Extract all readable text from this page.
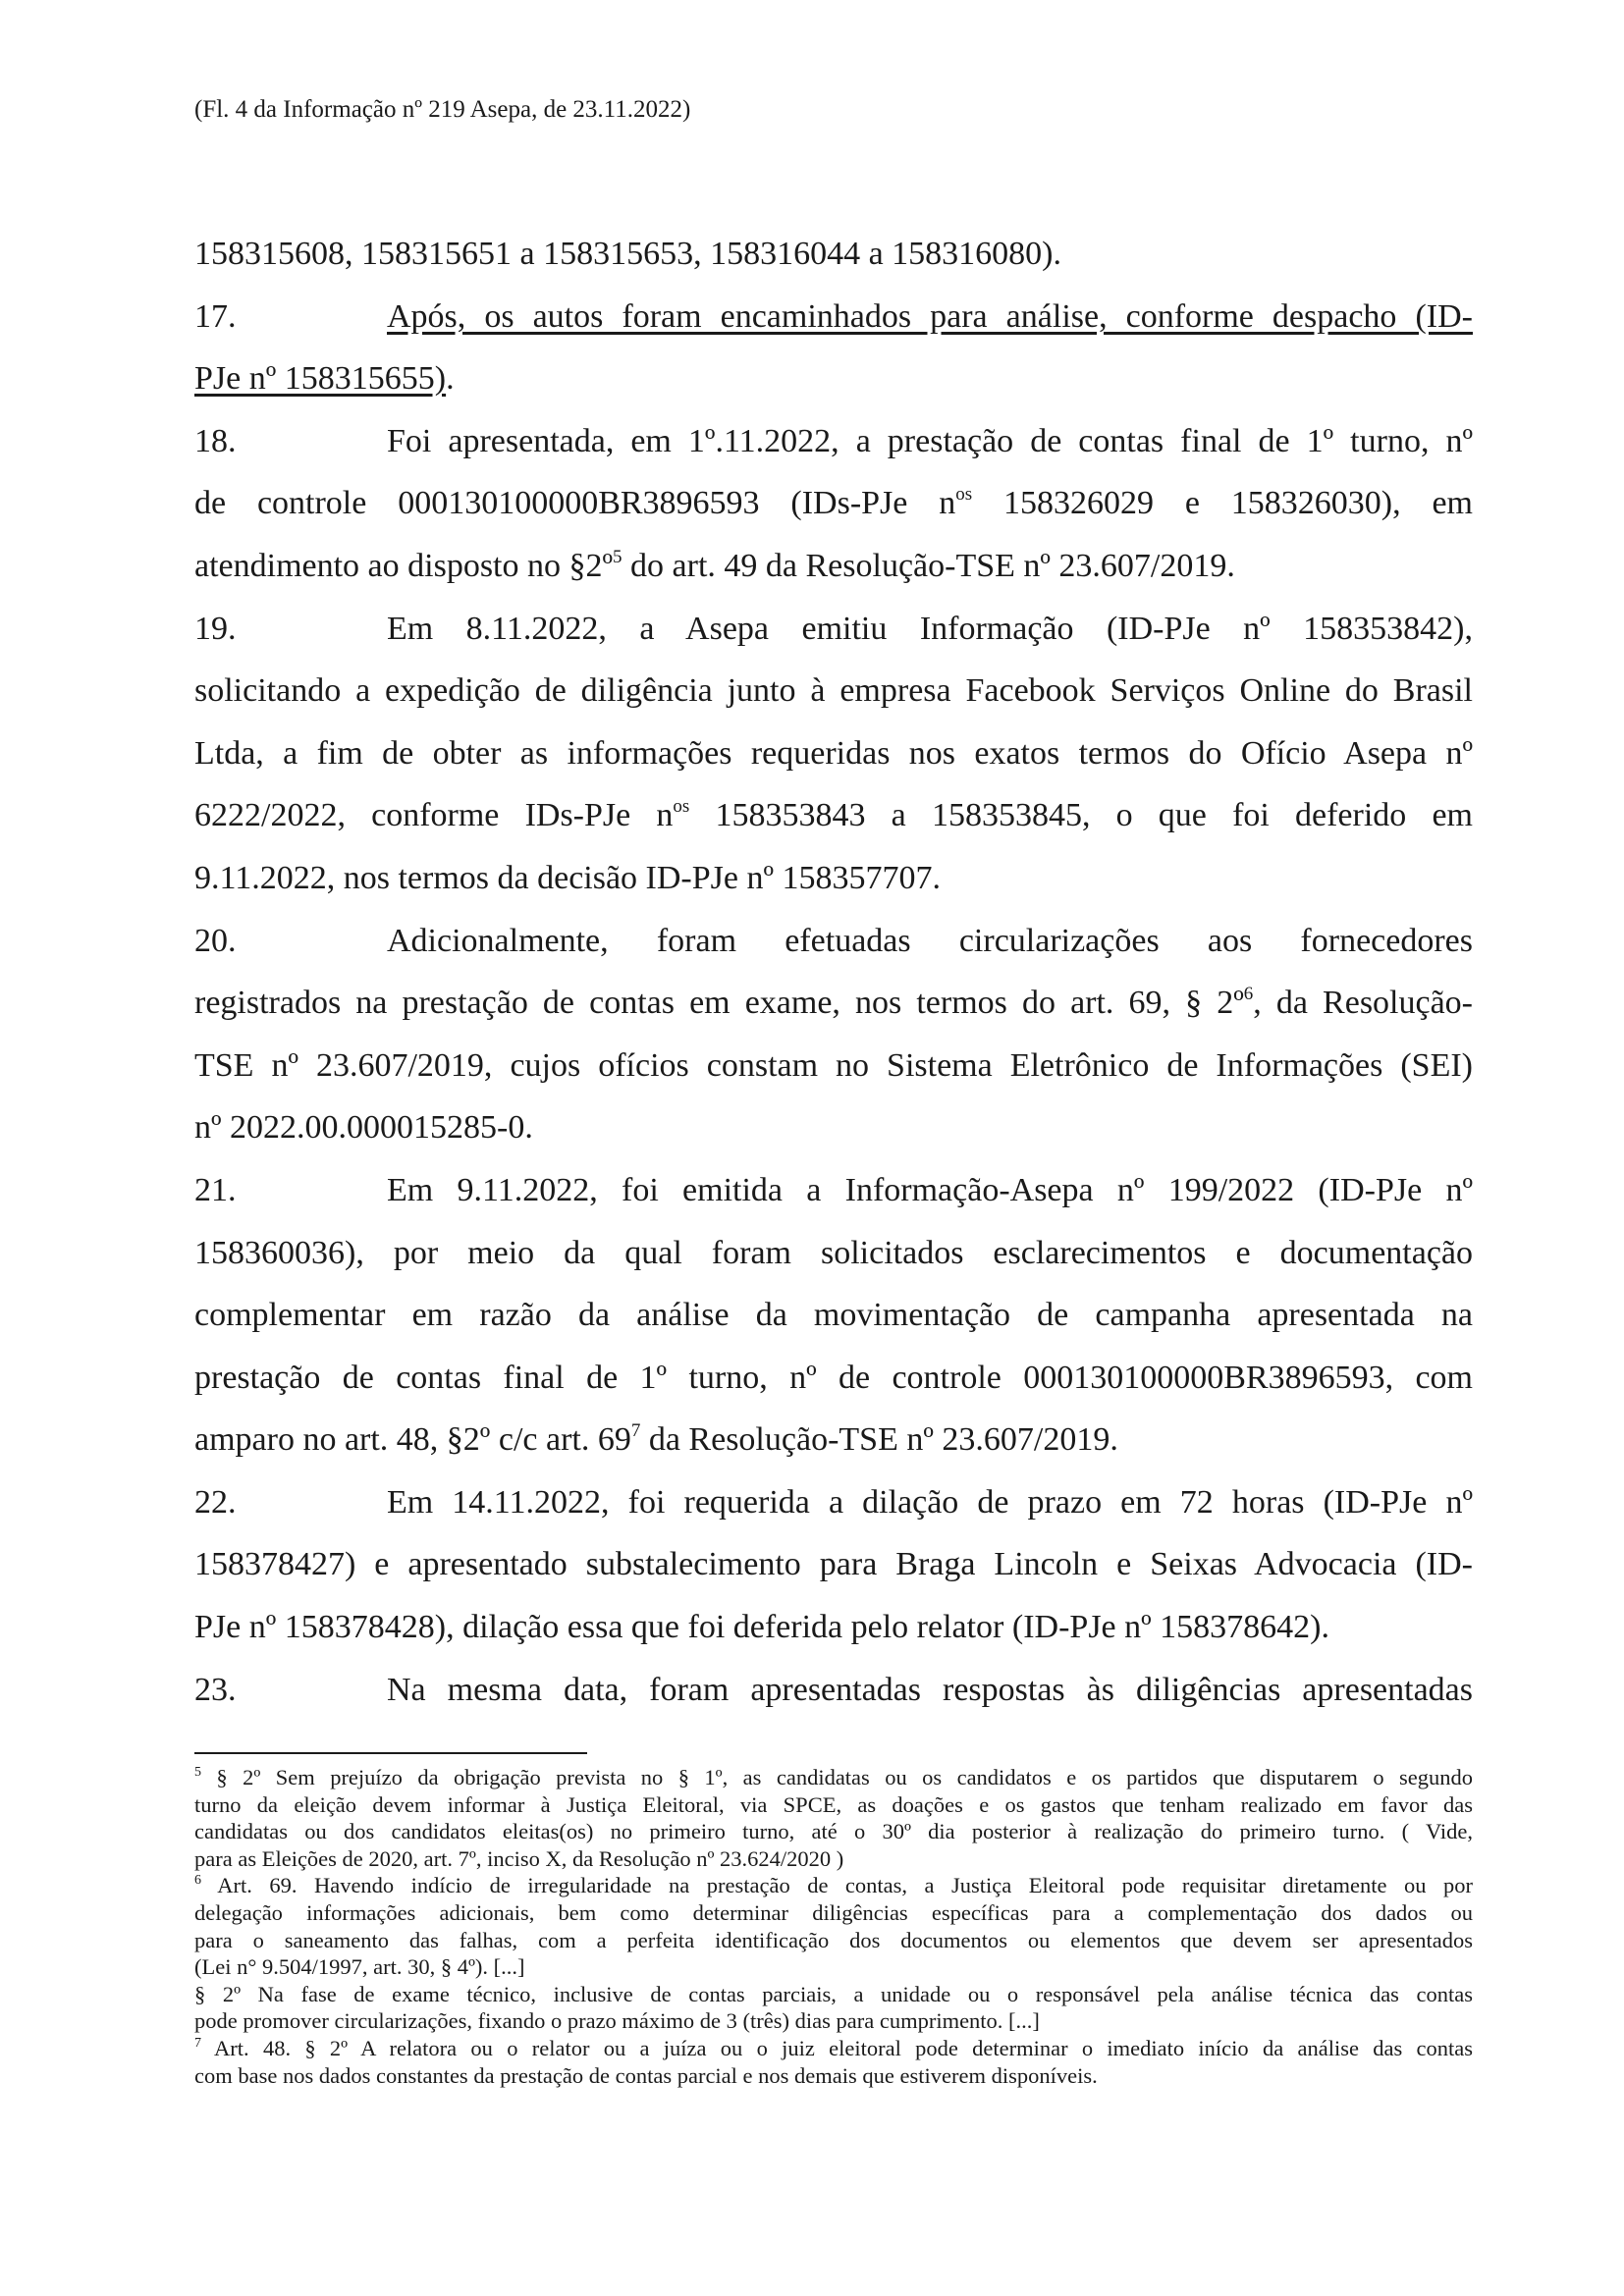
(Fl. 4 da Informação nº 219 Asepa, de 23.11.2022)
158315608, 158315651 a 158315653, 158316044 a 158316080).
17.	Após, os autos foram encaminhados para análise, conforme despacho (ID-
PJe nº 158315655).
18.	Foi apresentada, em 1º.11.2022, a prestação de contas final de 1º turno, nº
de controle 000130100000BR3896593 (IDs-PJe $n^{os}$ 158326029 e 158326030), em
atendimento ao disposto no §2º$^5$ do art. 49 da Resolução-TSE nº 23.607/2019.
19.	Em 8.11.2022, a Asepa emitiu Informação (ID-PJe nº 158353842),
solicitando a expedição de diligência junto à empresa Facebook Serviços Online do Brasil
Ltda, a fim de obter as informações requeridas nos exatos termos do Ofício Asepa nº
6222/2022, conforme IDs-PJe $n^{os}$ 158353843 a 158353845, o que foi deferido em
9.11.2022, nos termos da decisão ID-PJe nº 158357707.
20.	Adicionalmente, foram efetuadas circularizações aos fornecedores
registrados na prestação de contas em exame, nos termos do art. 69, § 2º$^6$, da Resolução-
TSE nº 23.607/2019, cujos ofícios constam no Sistema Eletrônico de Informações (SEI)
nº 2022.00.000015285-0.
21.	Em 9.11.2022, foi emitida a Informação-Asepa nº 199/2022 (ID-PJe nº
158360036), por meio da qual foram solicitados esclarecimentos e documentação
complementar em razão da análise da movimentação de campanha apresentada na
prestação de contas final de 1º turno, nº de controle 000130100000BR3896593, com
amparo no art. 48, §2º c/c art. $69^7$ da Resolução-TSE nº 23.607/2019.
22.	Em 14.11.2022, foi requerida a dilação de prazo em 72 horas (ID-PJe nº
158378427) e apresentado substalecimento para Braga Lincoln e Seixas Advocacia (ID-
PJe nº 158378428), dilação essa que foi deferida pelo relator (ID-PJe nº 158378642).
23.	Na mesma data, foram apresentadas respostas às diligências apresentadas
$^5$ § 2º Sem prejuízo da obrigação prevista no § 1º, as candidatas ou os candidatos e os partidos que disputarem o segundo
turno da eleição devem informar à Justiça Eleitoral, via SPCE, as doações e os gastos que tenham realizado em favor das
candidatas ou dos candidatos eleitas(os) no primeiro turno, até o 30º dia posterior à realização do primeiro turno. ( Vide,
para as Eleições de 2020, art. 7º, inciso X, da Resolução nº 23.624/2020 )
$^6$ Art. 69. Havendo indício de irregularidade na prestação de contas, a Justiça Eleitoral pode requisitar diretamente ou por
delegação informações adicionais, bem como determinar diligências específicas para a complementação dos dados ou
para o saneamento das falhas, com a perfeita identificação dos documentos ou elementos que devem ser apresentados
(Lei n° 9.504/1997, art. 30, § 4º). [...]
§ 2º Na fase de exame técnico, inclusive de contas parciais, a unidade ou o responsável pela análise técnica das contas
pode promover circularizações, fixando o prazo máximo de 3 (três) dias para cumprimento. [...]
$^7$ Art. 48. § 2º A relatora ou o relator ou a juíza ou o juiz eleitoral pode determinar o imediato início da análise das contas
com base nos dados constantes da prestação de contas parcial e nos demais que estiverem disponíveis.
